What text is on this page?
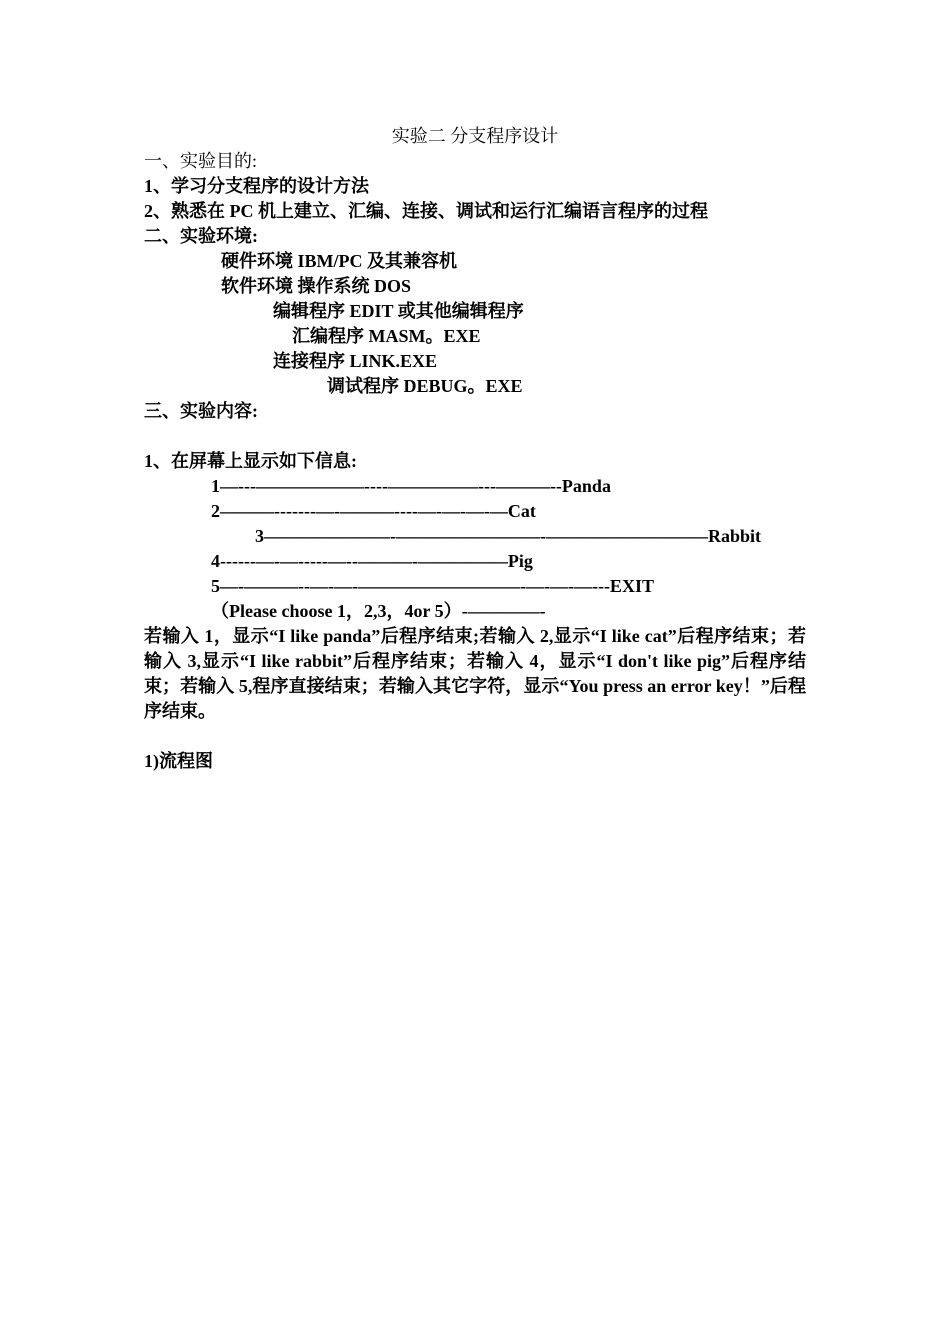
实验二 分支程序设计
一、实验目的:
1、学习分支程序的设计方法
2、熟悉在 PC 机上建立、汇编、连接、调试和运行汇编语言程序的过程
二、实验环境:
硬件环境 IBM/PC 及其兼容机
软件环境 操作系统 DOS
编辑程序 EDIT 或其他编辑程序
汇编程序 MASM。EXE
连接程序 LINK.EXE
调试程序 DEBUG。EXE
三、实验内容:
1、在屏幕上显示如下信息:
1—---——————----—————---———--Panda
2———-------—-———----—-—-—-—Cat
3———————-————————-—————————Rabbit
4------—-—-----—--———-—————Pig
5—-———--—-—-—————————-—-—-—---EXIT
（Please choose 1，2,3，4or 5）-————-
若输入 1，显示“I like panda”后程序结束;若输入 2,显示“I like cat”后程序结束；若输入 3,显示“I like rabbit”后程序结束；若输入 4，显示“I don't like pig”后程序结束；若输入 5,程序直接结束；若输入其它字符，显示“You press an error key！”后程序结束。
1)流程图
